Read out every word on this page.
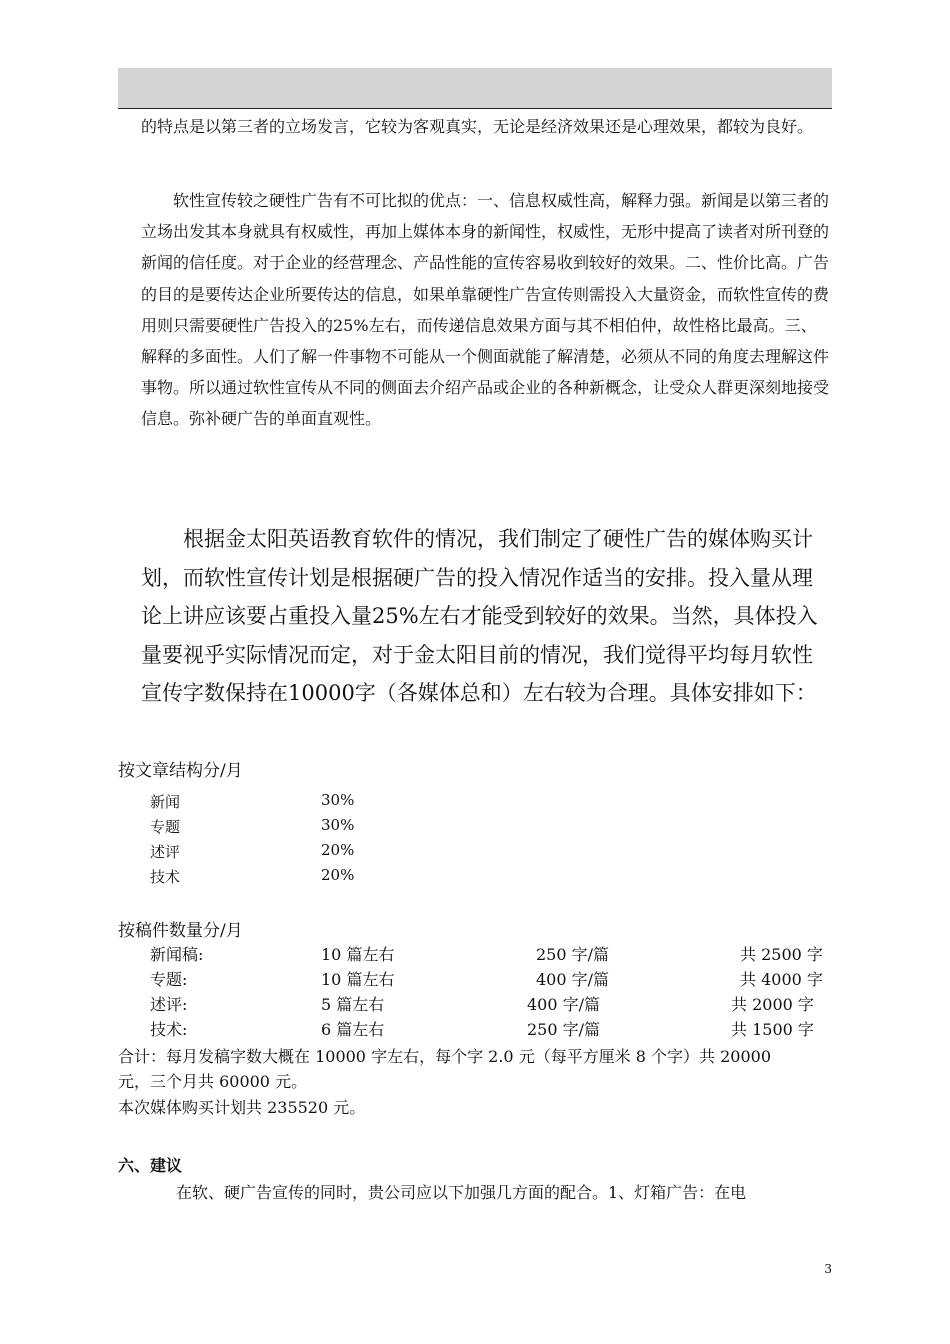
的特点是以第三者的立场发言，它较为客观真实，无论是经济效果还是心理效果，都较为良好。
软性宣传较之硬性广告有不可比拟的优点：一、信息权威性高，解释力强。新闻是以第三者的立场出发其本身就具有权威性，再加上媒体本身的新闻性，权威性，无形中提高了读者对所刊登的新闻的信任度。对于企业的经营理念、产品性能的宣传容易收到较好的效果。二、性价比高。广告的目的是要传达企业所要传达的信息，如果单靠硬性广告宣传则需投入大量资金，而软性宣传的费用则只需要硬性广告投入的25%左右，而传递信息效果方面与其不相伯仲，故性格比最高。三、解释的多面性。人们了解一件事物不可能从一个侧面就能了解清楚，必须从不同的角度去理解这件事物。所以通过软性宣传从不同的侧面去介绍产品或企业的各种新概念，让受众人群更深刻地接受信息。弥补硬广告的单面直观性。
根据金太阳英语教育软件的情况，我们制定了硬性广告的媒体购买计划，而软性宣传计划是根据硬广告的投入情况作适当的安排。投入量从理论上讲应该要占重投入量25%左右才能受到较好的效果。当然，具体投入量要视乎实际情况而定，对于金太阳目前的情况，我们觉得平均每月软性宣传字数保持在10000字（各媒体总和）左右较为合理。具体安排如下：
按文章结构分/月
新闻	30%
专题	30%
述评	20%
技术	20%
按稿件数量分/月
新闻稿:	10 篇左右	250 字/篇	共 2500 字
专题:	10 篇左右	400 字/篇	共 4000 字
述评:	5 篇左右	400 字/篇	共 2000 字
技术:	6 篇左右	250 字/篇	共 1500 字
合计：每月发稿字数大概在 10000 字左右，每个字 2.0 元（每平方厘米 8 个字）共 20000
元，三个月共 60000 元。
本次媒体购买计划共 235520 元。
六、建议
在软、硬广告宣传的同时，贵公司应以下加强几方面的配合。1、灯箱广告：在电
3
